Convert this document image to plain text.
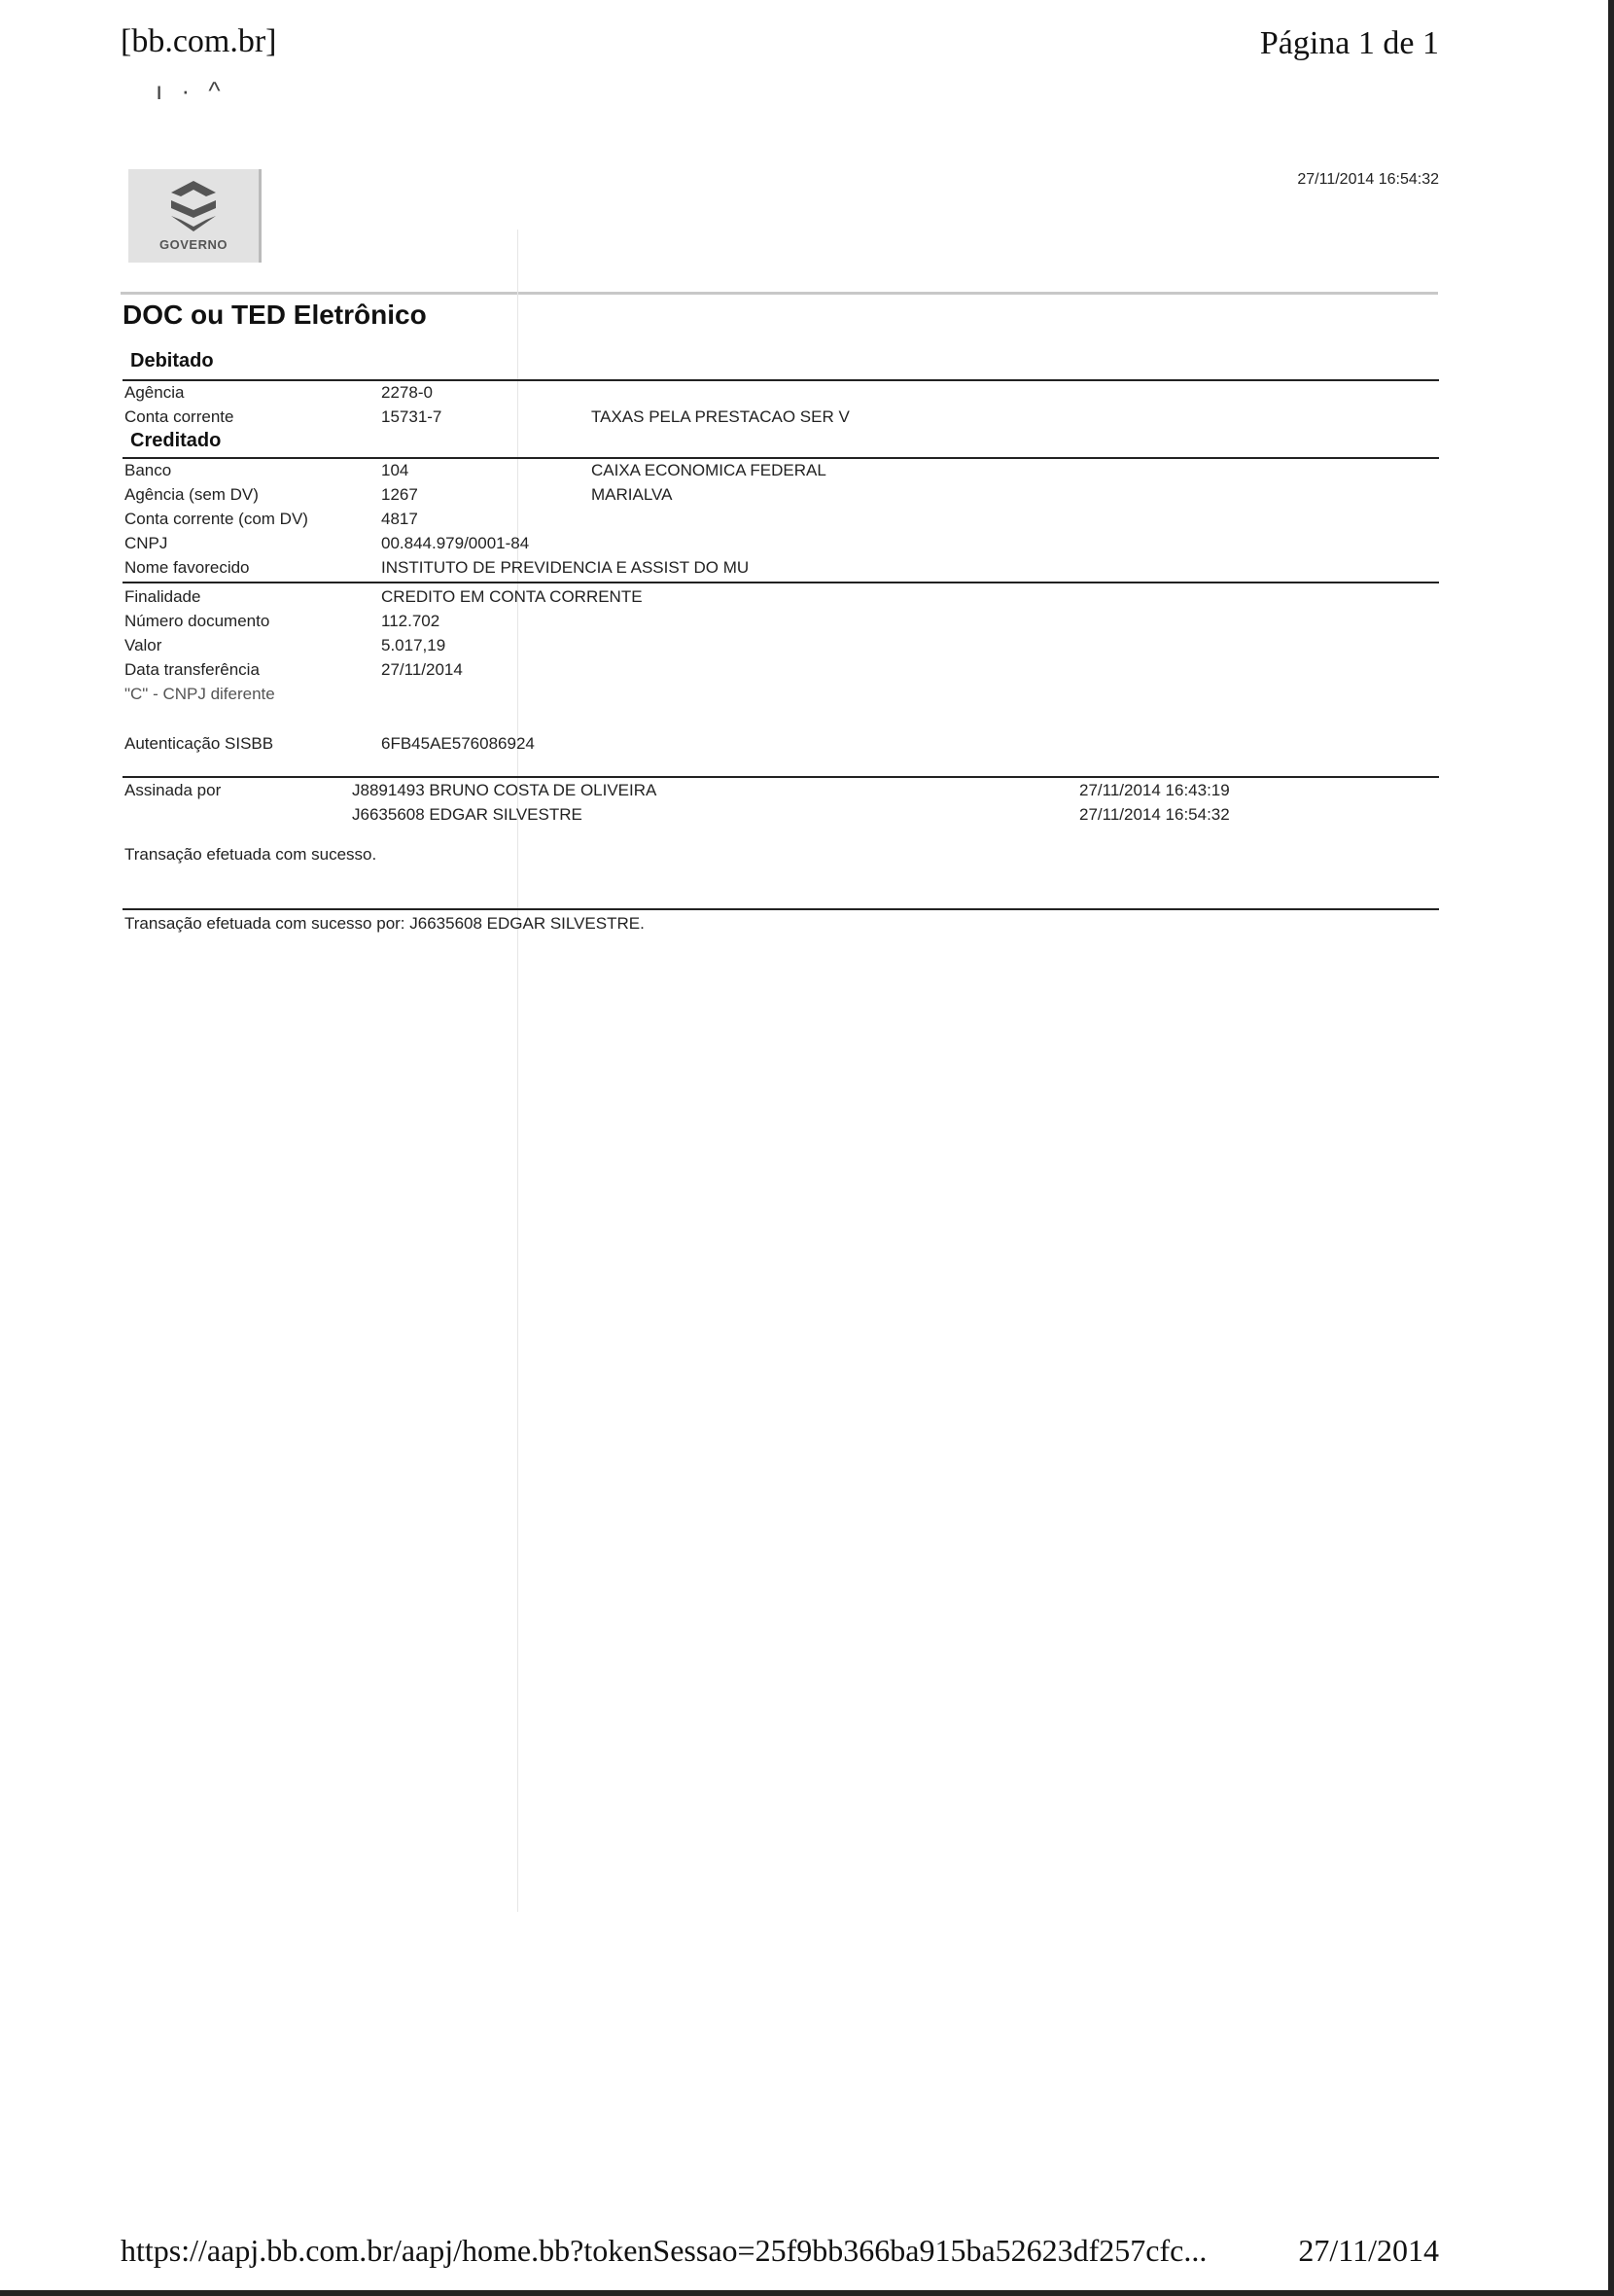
[bb.com.br]	Página 1 de 1
ı · ^
27/11/2014 16:54:32
GOVERNO
DOC ou TED Eletrônico
Debitado
Agência	2278-0
Conta corrente	15731-7	TAXAS PELA PRESTACAO SER V
Creditado
Banco	104	CAIXA ECONOMICA FEDERAL
Agência (sem DV)	1267	MARIALVA
Conta corrente (com DV)	4817
CNPJ	00.844.979/0001-84
Nome favorecido	INSTITUTO DE PREVIDENCIA E ASSIST DO MU
Finalidade	CREDITO EM CONTA CORRENTE
Número documento	112.702
Valor	5.017,19
Data transferência	27/11/2014
"C" - CNPJ diferente
Autenticação SISBB	6FB45AE576086924
Assinada por	J8891493 BRUNO COSTA DE OLIVEIRA	27/11/2014 16:43:19
J6635608 EDGAR SILVESTRE	27/11/2014 16:54:32
Transação efetuada com sucesso.
Transação efetuada com sucesso por: J6635608 EDGAR SILVESTRE.
https://aapj.bb.com.br/aapj/home.bb?tokenSessao=25f9bb366ba915ba52623df257cfc...	27/11/2014
